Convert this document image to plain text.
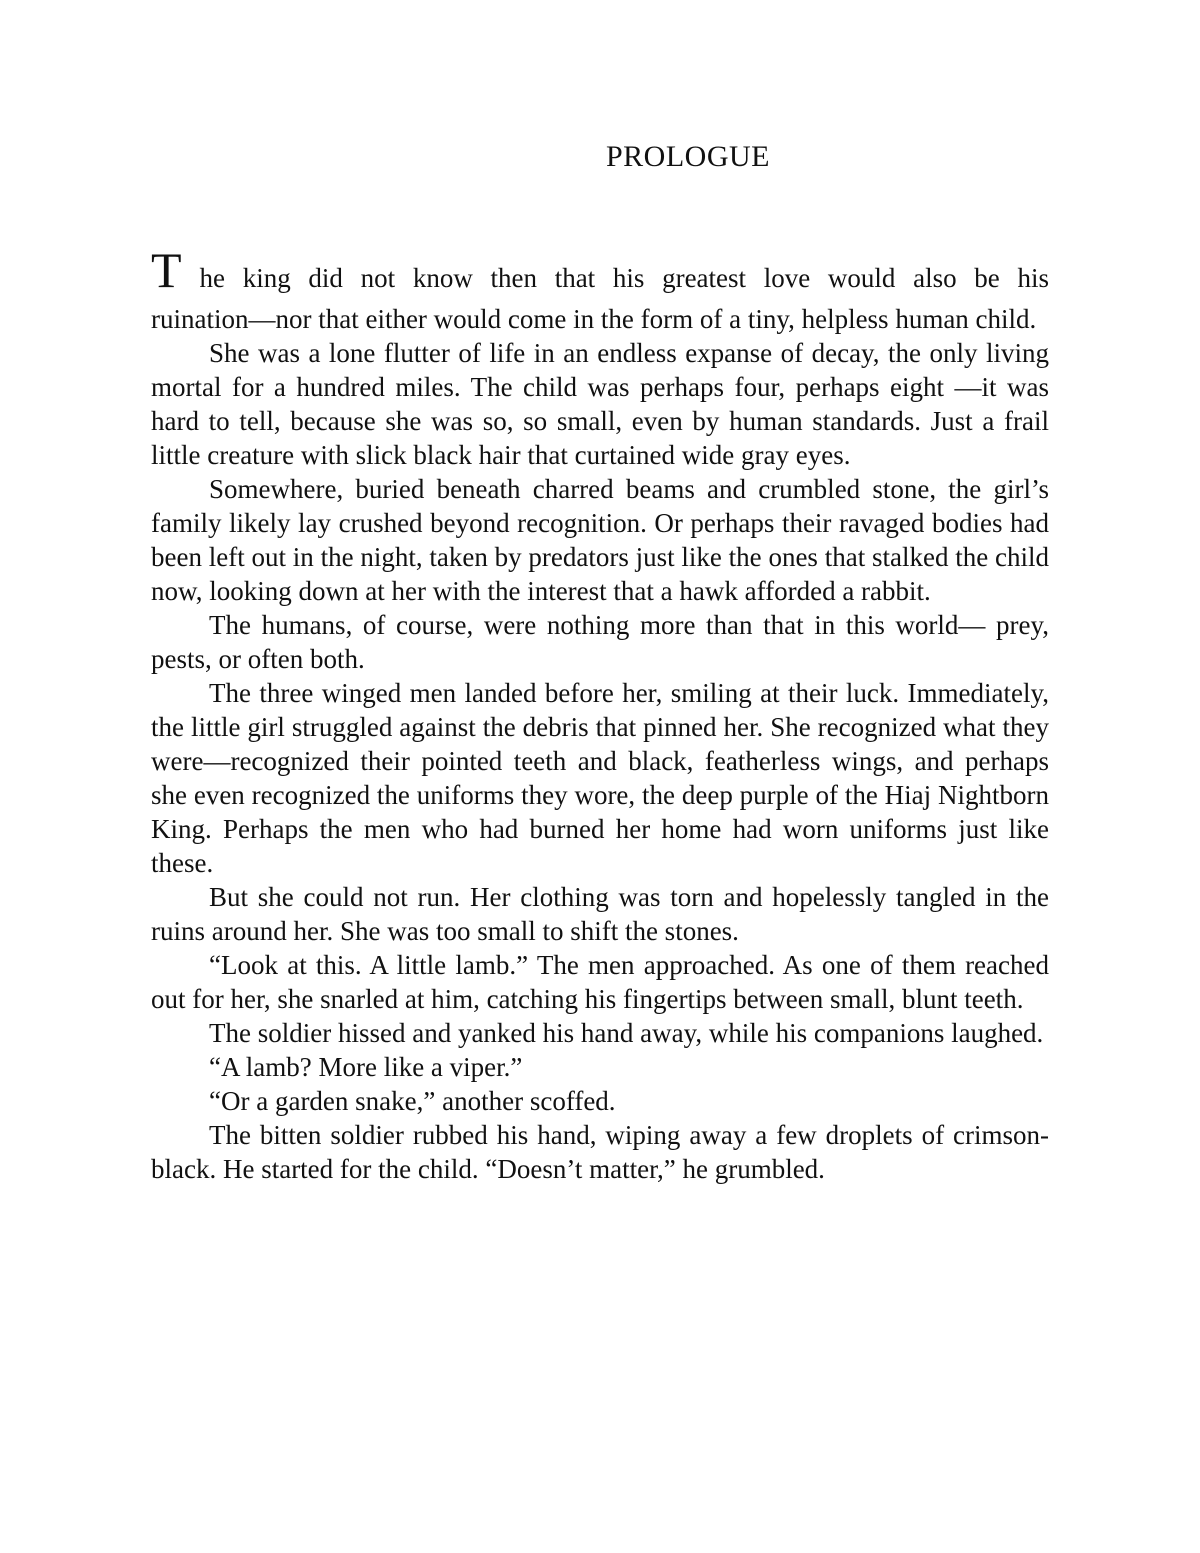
PROLOGUE

The king did not know then that his greatest love would also be his
ruination—nor that either would come in the form of a tiny, helpless human child.

She was a lone flutter of life in an endless expanse of decay, the only living mortal for a hundred miles. The child was perhaps four, perhaps eight —it was hard to tell, because she was so, so small, even by human standards. Just a frail little creature with slick black hair that curtained wide gray eyes.

Somewhere, buried beneath charred beams and crumbled stone, the girl’s family likely lay crushed beyond recognition. Or perhaps their ravaged bodies had been left out in the night, taken by predators just like the ones that stalked the child now, looking down at her with the interest that a hawk afforded a rabbit.

The humans, of course, were nothing more than that in this world— prey, pests, or often both.

The three winged men landed before her, smiling at their luck. Immediately, the little girl struggled against the debris that pinned her. She recognized what they were—recognized their pointed teeth and black, featherless wings, and perhaps she even recognized the uniforms they wore, the deep purple of the Hiaj Nightborn King. Perhaps the men who had burned her home had worn uniforms just like these.

But she could not run. Her clothing was torn and hopelessly tangled in the ruins around her. She was too small to shift the stones.

“Look at this. A little lamb.” The men approached. As one of them reached out for her, she snarled at him, catching his fingertips between small, blunt teeth.

The soldier hissed and yanked his hand away, while his companions laughed.

“A lamb? More like a viper.”

“Or a garden snake,” another scoffed.

The bitten soldier rubbed his hand, wiping away a few droplets of crimson-black. He started for the child. “Doesn’t matter,” he grumbled.
